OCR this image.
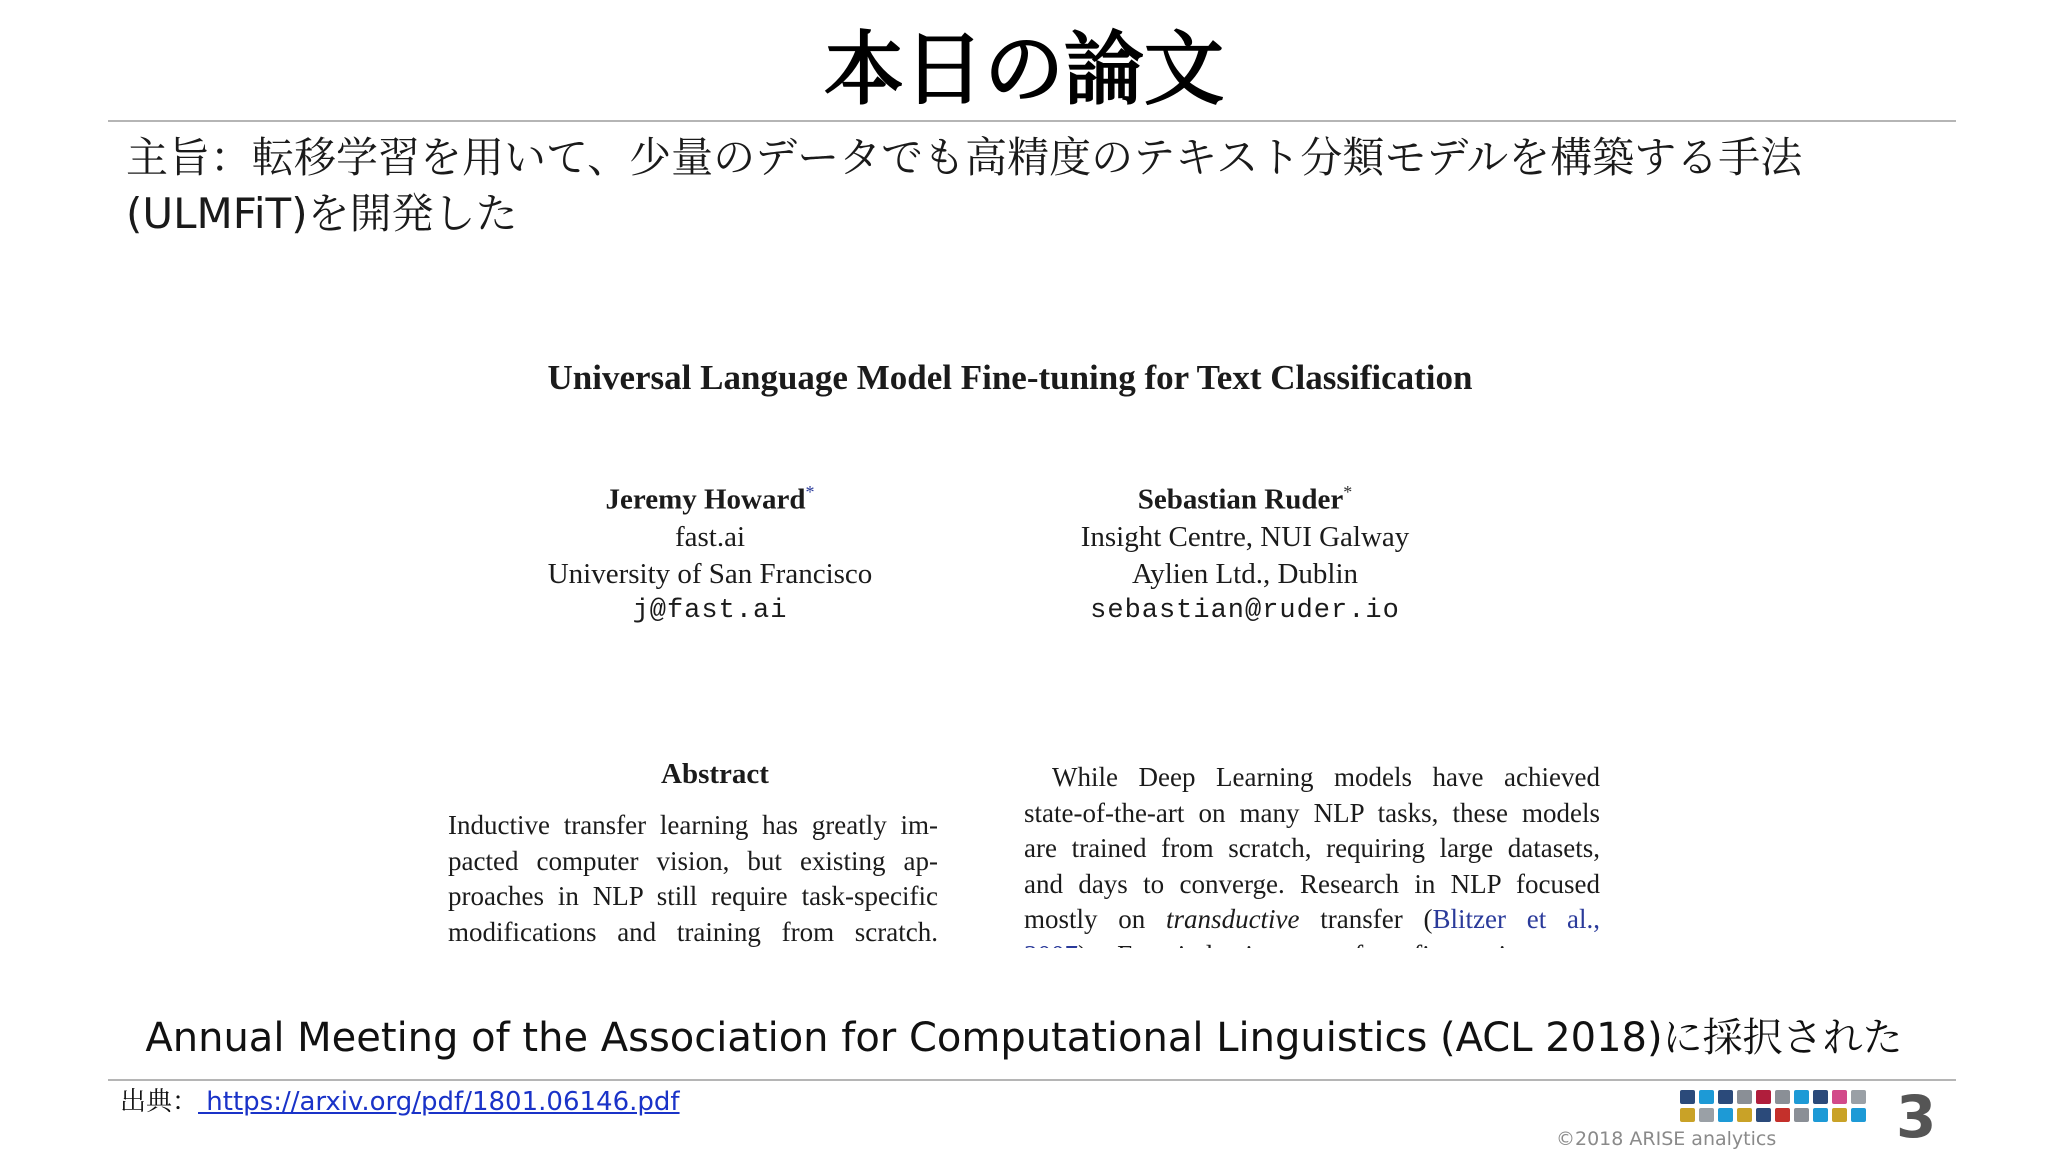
本日の論文
主旨：転移学習を用いて、少量のデータでも高精度のテキスト分類モデルを構築する手法
(ULMFiT)を開発した
Universal Language Model Fine-tuning for Text Classification
Jeremy Howard*
fast.ai
University of San Francisco
j@fast.ai
Sebastian Ruder*
Insight Centre, NUI Galway
Aylien Ltd., Dublin
sebastian@ruder.io
Abstract
Inductive transfer learning has greatly im-
pacted computer vision, but existing ap-
proaches in NLP still require task-specific
modifications and training from scratch.
While Deep Learning models have achieved
state-of-the-art on many NLP tasks, these models
are trained from scratch, requiring large datasets,
and days to converge. Research in NLP focused
mostly on transductive transfer (Blitzer et al.,
Annual Meeting of the Association for Computational Linguistics (ACL 2018)に採択された
出典： https://arxiv.org/pdf/1801.06146.pdf
©2018 ARISE analytics 3
